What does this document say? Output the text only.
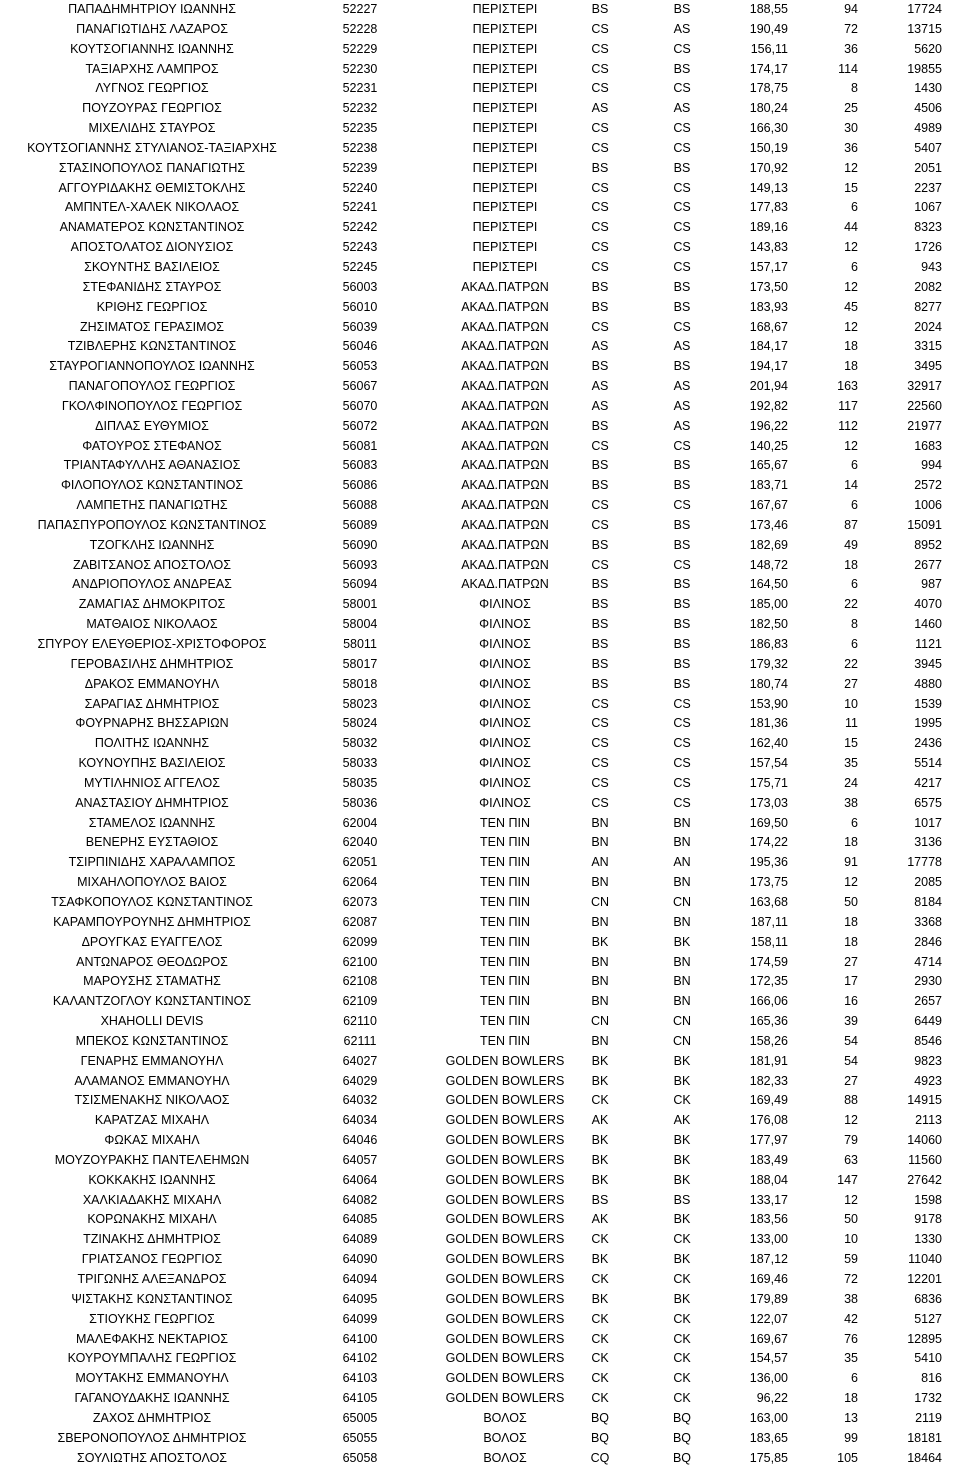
ΠΑΠΑΔΗΜΗΤΡΙΟΥ ΙΩΑΝΝΗΣ	52227	ΠΕΡΙΣΤΕΡΙ	BS	BS	188,55	94	17724
ΠΑΝΑΓΙΩΤΙΔΗΣ ΛΑΖΑΡΟΣ	52228	ΠΕΡΙΣΤΕΡΙ	CS	AS	190,49	72	13715
ΚΟΥΤΣΟΓΙΑΝΝΗΣ ΙΩΑΝΝΗΣ	52229	ΠΕΡΙΣΤΕΡΙ	CS	CS	156,11	36	5620
ΤΑΞΙΑΡΧΗΣ ΛΑΜΠΡΟΣ	52230	ΠΕΡΙΣΤΕΡΙ	CS	BS	174,17	114	19855
ΛΥΓΝΟΣ ΓΕΩΡΓΙΟΣ	52231	ΠΕΡΙΣΤΕΡΙ	CS	CS	178,75	8	1430
ΠΟΥΖΟΥΡΑΣ ΓΕΩΡΓΙΟΣ	52232	ΠΕΡΙΣΤΕΡΙ	AS	AS	180,24	25	4506
ΜΙΧΕΛΙΔΗΣ ΣΤΑΥΡΟΣ	52235	ΠΕΡΙΣΤΕΡΙ	CS	CS	166,30	30	4989
ΚΟΥΤΣΟΓΙΑΝΝΗΣ ΣΤΥΛΙΑΝΟΣ-ΤΑΞΙΑΡΧΗΣ	52238	ΠΕΡΙΣΤΕΡΙ	CS	CS	150,19	36	5407
ΣΤΑΣΙΝΟΠΟΥΛΟΣ ΠΑΝΑΓΙΩΤΗΣ	52239	ΠΕΡΙΣΤΕΡΙ	BS	BS	170,92	12	2051
ΑΓΓΟΥΡΙΔΑΚΗΣ ΘΕΜΙΣΤΟΚΛΗΣ	52240	ΠΕΡΙΣΤΕΡΙ	CS	CS	149,13	15	2237
ΑΜΠΝΤΕΛ-ΧΑΛΕΚ ΝΙΚΟΛΑΟΣ	52241	ΠΕΡΙΣΤΕΡΙ	CS	CS	177,83	6	1067
ΑΝΑΜΑΤΕΡΟΣ ΚΩΝΣΤΑΝΤΙΝΟΣ	52242	ΠΕΡΙΣΤΕΡΙ	CS	CS	189,16	44	8323
ΑΠΟΣΤΟΛΑΤΟΣ ΔΙΟΝΥΣΙΟΣ	52243	ΠΕΡΙΣΤΕΡΙ	CS	CS	143,83	12	1726
ΣΚΟΥΝΤΗΣ ΒΑΣΙΛΕΙΟΣ	52245	ΠΕΡΙΣΤΕΡΙ	CS	CS	157,17	6	943
ΣΤΕΦΑΝΙΔΗΣ ΣΤΑΥΡΟΣ	56003	ΑΚΑΔ.ΠΑΤΡΩΝ	BS	BS	173,50	12	2082
ΚΡΙΘΗΣ ΓΕΩΡΓΙΟΣ	56010	ΑΚΑΔ.ΠΑΤΡΩΝ	BS	BS	183,93	45	8277
ΖΗΣΙΜΑΤΟΣ ΓΕΡΑΣΙΜΟΣ	56039	ΑΚΑΔ.ΠΑΤΡΩΝ	CS	CS	168,67	12	2024
ΤΖΙΒΛΕΡΗΣ ΚΩΝΣΤΑΝΤΙΝΟΣ	56046	ΑΚΑΔ.ΠΑΤΡΩΝ	AS	AS	184,17	18	3315
ΣΤΑΥΡΟΓΙΑΝΝΟΠΟΥΛΟΣ ΙΩΑΝΝΗΣ	56053	ΑΚΑΔ.ΠΑΤΡΩΝ	BS	BS	194,17	18	3495
ΠΑΝΑΓΟΠΟΥΛΟΣ ΓΕΩΡΓΙΟΣ	56067	ΑΚΑΔ.ΠΑΤΡΩΝ	AS	AS	201,94	163	32917
ΓΚΟΛΦΙΝΟΠΟΥΛΟΣ ΓΕΩΡΓΙΟΣ	56070	ΑΚΑΔ.ΠΑΤΡΩΝ	AS	AS	192,82	117	22560
ΔΙΠΛΑΣ ΕΥΘΥΜΙΟΣ	56072	ΑΚΑΔ.ΠΑΤΡΩΝ	BS	AS	196,22	112	21977
ΦΑΤΟΥΡΟΣ ΣΤΕΦΑΝΟΣ	56081	ΑΚΑΔ.ΠΑΤΡΩΝ	CS	CS	140,25	12	1683
ΤΡΙΑΝΤΑΦΥΛΛΗΣ ΑΘΑΝΑΣΙΟΣ	56083	ΑΚΑΔ.ΠΑΤΡΩΝ	BS	BS	165,67	6	994
ΦΙΛΟΠΟΥΛΟΣ ΚΩΝΣΤΑΝΤΙΝΟΣ	56086	ΑΚΑΔ.ΠΑΤΡΩΝ	BS	BS	183,71	14	2572
ΛΑΜΠΕΤΗΣ ΠΑΝΑΓΙΩΤΗΣ	56088	ΑΚΑΔ.ΠΑΤΡΩΝ	CS	CS	167,67	6	1006
ΠΑΠΑΣΠΥΡΟΠΟΥΛΟΣ ΚΩΝΣΤΑΝΤΙΝΟΣ	56089	ΑΚΑΔ.ΠΑΤΡΩΝ	CS	BS	173,46	87	15091
ΤΖΟΓΚΛΗΣ ΙΩΑΝΝΗΣ	56090	ΑΚΑΔ.ΠΑΤΡΩΝ	BS	BS	182,69	49	8952
ΖΑΒΙΤΣΑΝΟΣ ΑΠΟΣΤΟΛΟΣ	56093	ΑΚΑΔ.ΠΑΤΡΩΝ	CS	CS	148,72	18	2677
ΑΝΔΡΙΟΠΟΥΛΟΣ ΑΝΔΡΕΑΣ	56094	ΑΚΑΔ.ΠΑΤΡΩΝ	BS	BS	164,50	6	987
ΖΑΜΑΓΙΑΣ ΔΗΜΟΚΡΙΤΟΣ	58001	ΦΙΛΙΝΟΣ	BS	BS	185,00	22	4070
ΜΑΤΘΑΙΟΣ ΝΙΚΟΛΑΟΣ	58004	ΦΙΛΙΝΟΣ	BS	BS	182,50	8	1460
ΣΠΥΡΟΥ ΕΛΕΥΘΕΡΙΟΣ-ΧΡΙΣΤΟΦΟΡΟΣ	58011	ΦΙΛΙΝΟΣ	BS	BS	186,83	6	1121
ΓΕΡΟΒΑΣΙΛΗΣ ΔΗΜΗΤΡΙΟΣ	58017	ΦΙΛΙΝΟΣ	BS	BS	179,32	22	3945
ΔΡΑΚΟΣ ΕΜΜΑΝΟΥΗΛ	58018	ΦΙΛΙΝΟΣ	BS	BS	180,74	27	4880
ΣΑΡΑΓΙΑΣ ΔΗΜΗΤΡΙΟΣ	58023	ΦΙΛΙΝΟΣ	CS	CS	153,90	10	1539
ΦΟΥΡΝΑΡΗΣ ΒΗΣΣΑΡΙΩΝ	58024	ΦΙΛΙΝΟΣ	CS	CS	181,36	11	1995
ΠΟΛΙΤΗΣ ΙΩΑΝΝΗΣ	58032	ΦΙΛΙΝΟΣ	CS	CS	162,40	15	2436
ΚΟΥΝΟΥΠΗΣ ΒΑΣΙΛΕΙΟΣ	58033	ΦΙΛΙΝΟΣ	CS	CS	157,54	35	5514
ΜΥΤΙΛΗΝΙΟΣ ΑΓΓΕΛΟΣ	58035	ΦΙΛΙΝΟΣ	CS	CS	175,71	24	4217
ΑΝΑΣΤΑΣΙΟΥ ΔΗΜΗΤΡΙΟΣ	58036	ΦΙΛΙΝΟΣ	CS	CS	173,03	38	6575
ΣΤΑΜΕΛΟΣ ΙΩΑΝΝΗΣ	62004	ΤΕΝ ΠΙΝ	BN	BN	169,50	6	1017
ΒΕΝΕΡΗΣ ΕΥΣΤΑΘΙΟΣ	62040	ΤΕΝ ΠΙΝ	BN	BN	174,22	18	3136
ΤΣΙΡΠΙΝΙΔΗΣ ΧΑΡΑΛΑΜΠΟΣ	62051	ΤΕΝ ΠΙΝ	AN	AN	195,36	91	17778
ΜΙΧΑΗΛΟΠΟΥΛΟΣ ΒΑΙΟΣ	62064	ΤΕΝ ΠΙΝ	BN	BN	173,75	12	2085
ΤΣΑΦΚΟΠΟΥΛΟΣ ΚΩΝΣΤΑΝΤΙΝΟΣ	62073	ΤΕΝ ΠΙΝ	CN	CN	163,68	50	8184
ΚΑΡΑΜΠΟΥΡΟΥΝΗΣ ΔΗΜΗΤΡΙΟΣ	62087	ΤΕΝ ΠΙΝ	BN	BN	187,11	18	3368
ΔΡΟΥΓΚΑΣ ΕΥΑΓΓΕΛΟΣ	62099	ΤΕΝ ΠΙΝ	BK	BK	158,11	18	2846
ΑΝΤΩΝΑΡΟΣ ΘΕΟΔΩΡΟΣ	62100	ΤΕΝ ΠΙΝ	BN	BN	174,59	27	4714
ΜΑΡΟΥΣΗΣ ΣΤΑΜΑΤΗΣ	62108	ΤΕΝ ΠΙΝ	BN	BN	172,35	17	2930
ΚΑΛΑΝΤΖΟΓΛΟΥ ΚΩΝΣΤΑΝΤΙΝΟΣ	62109	ΤΕΝ ΠΙΝ	BN	BN	166,06	16	2657
XHAHOLLI DEVIS	62110	ΤΕΝ ΠΙΝ	CN	CN	165,36	39	6449
ΜΠΕΚΟΣ ΚΩΝΣΤΑΝΤΙΝΟΣ	62111	ΤΕΝ ΠΙΝ	BN	CN	158,26	54	8546
ΓΕΝΑΡΗΣ ΕΜΜΑΝΟΥΗΛ	64027	GOLDEN BOWLERS	BK	BK	181,91	54	9823
ΑΛΑΜΑΝΟΣ ΕΜΜΑΝΟΥΗΛ	64029	GOLDEN BOWLERS	BK	BK	182,33	27	4923
ΤΣΙΣΜΕΝΑΚΗΣ ΝΙΚΟΛΑΟΣ	64032	GOLDEN BOWLERS	CK	CK	169,49	88	14915
ΚΑΡΑΤΖΑΣ ΜΙΧΑΗΛ	64034	GOLDEN BOWLERS	AK	AK	176,08	12	2113
ΦΩΚΑΣ ΜΙΧΑΗΛ	64046	GOLDEN BOWLERS	BK	BK	177,97	79	14060
ΜΟΥΖΟΥΡΑΚΗΣ ΠΑΝΤΕΛΕΗΜΩΝ	64057	GOLDEN BOWLERS	BK	BK	183,49	63	11560
ΚΟΚΚΑΚΗΣ ΙΩΑΝΝΗΣ	64064	GOLDEN BOWLERS	BK	BK	188,04	147	27642
ΧΑΛΚΙΑΔΑΚΗΣ ΜΙΧΑΗΛ	64082	GOLDEN BOWLERS	BS	BS	133,17	12	1598
ΚΟΡΩΝΑΚΗΣ ΜΙΧΑΗΛ	64085	GOLDEN BOWLERS	AK	BK	183,56	50	9178
ΤΖΙΝΑΚΗΣ ΔΗΜΗΤΡΙΟΣ	64089	GOLDEN BOWLERS	CK	CK	133,00	10	1330
ΓΡΙΑΤΣΑΝΟΣ ΓΕΩΡΓΙΟΣ	64090	GOLDEN BOWLERS	BK	BK	187,12	59	11040
ΤΡΙΓΩΝΗΣ ΑΛΕΞΑΝΔΡΟΣ	64094	GOLDEN BOWLERS	CK	CK	169,46	72	12201
ΨΙΣΤΑΚΗΣ ΚΩΝΣΤΑΝΤΙΝΟΣ	64095	GOLDEN BOWLERS	BK	BK	179,89	38	6836
ΣΤΙΟΥΚΗΣ ΓΕΩΡΓΙΟΣ	64099	GOLDEN BOWLERS	CK	CK	122,07	42	5127
ΜΑΛΕΦΑΚΗΣ ΝΕΚΤΑΡΙΟΣ	64100	GOLDEN BOWLERS	CK	CK	169,67	76	12895
ΚΟΥΡΟΥΜΠΑΛΗΣ ΓΕΩΡΓΙΟΣ	64102	GOLDEN BOWLERS	CK	CK	154,57	35	5410
ΜΟΥΤΑΚΗΣ ΕΜΜΑΝΟΥΗΛ	64103	GOLDEN BOWLERS	CK	CK	136,00	6	816
ΓΑΓΑΝΟΥΔΑΚΗΣ ΙΩΑΝΝΗΣ	64105	GOLDEN BOWLERS	CK	CK	96,22	18	1732
ΖΑΧΟΣ ΔΗΜΗΤΡΙΟΣ	65005	ΒΟΛΟΣ	BQ	BQ	163,00	13	2119
ΣΒΕΡΟΝΟΠΟΥΛΟΣ ΔΗΜΗΤΡΙΟΣ	65055	ΒΟΛΟΣ	BQ	BQ	183,65	99	18181
ΣΟΥΛΙΩΤΗΣ ΑΠΟΣΤΟΛΟΣ	65058	ΒΟΛΟΣ	CQ	BQ	175,85	105	18464
